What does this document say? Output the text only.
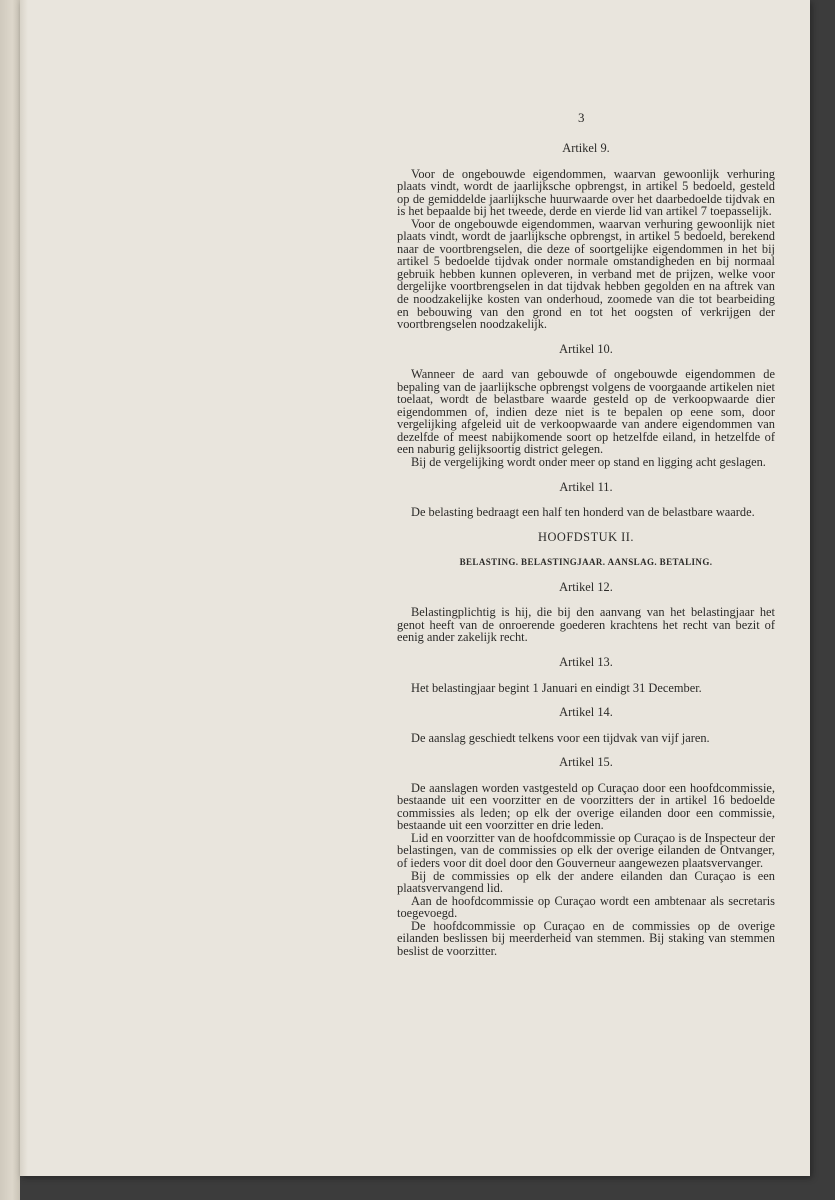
3
Artikel 9.

Voor de ongebouwde eigendommen, waarvan gewoonlijk verhuring plaats vindt, wordt de jaarlijksche opbrengst, in artikel 5 bedoeld, gesteld op de gemiddelde jaarlijksche huurwaarde over het daarbedoelde tijdvak en is het bepaalde bij het tweede, derde en vierde lid van artikel 7 toepasselijk.

Voor de ongebouwde eigendommen, waarvan verhuring gewoonlijk niet plaats vindt, wordt de jaarlijksche opbrengst, in artikel 5 bedoeld, berekend naar de voortbrengselen, die deze of soortgelijke eigendommen in het bij artikel 5 bedoelde tijdvak onder normale omstandigheden en bij normaal gebruik hebben kunnen opleveren, in verband met de prijzen, welke voor dergelijke voortbrengselen in dat tijdvak hebben gegolden en na aftrek van de noodzakelijke kosten van onderhoud, zoomede van die tot bearbeiding en bebouwing van den grond en tot het oogsten of verkrijgen der voortbrengselen noodzakelijk.

Artikel 10.

Wanneer de aard van gebouwde of ongebouwde eigendommen de bepaling van de jaarlijksche opbrengst volgens de voorgaande artikelen niet toelaat, wordt de belastbare waarde gesteld op de verkoopwaarde dier eigendommen of, indien deze niet is te bepalen op eene som, door vergelijking afgeleid uit de verkoopwaarde van andere eigendommen van dezelfde of meest nabijkomende soort op hetzelfde eiland, in hetzelfde of een naburig gelijksoortig district gelegen.

Bij de vergelijking wordt onder meer op stand en ligging acht geslagen.

Artikel 11.

De belasting bedraagt een half ten honderd van de belastbare waarde.

HOOFDSTUK II.
BELASTING. BELASTINGJAAR. AANSLAG. BETALING.
Artikel 12.

Belastingplichtig is hij, die bij den aanvang van het belastingjaar het genot heeft van de onroerende goederen krachtens het recht van bezit of eenig ander zakelijk recht.

Artikel 13.

Het belastingjaar begint 1 Januari en eindigt 31 December.

Artikel 14.

De aanslag geschiedt telkens voor een tijdvak van vijf jaren.

Artikel 15.

De aanslagen worden vastgesteld op Curaçao door een hoofdcommissie, bestaande uit een voorzitter en de voorzitters der in artikel 16 bedoelde commissies als leden; op elk der overige eilanden door een commissie, bestaande uit een voorzitter en drie leden.

Lid en voorzitter van de hoofdcommissie op Curaçao is de Inspecteur der belastingen, van de commissies op elk der overige eilanden de Ontvanger, of ieders voor dit doel door den Gouverneur aangewezen plaatsvervanger.

Bij de commissies op elk der andere eilanden dan Curaçao is een plaatsvervangend lid.

Aan de hoofdcommissie op Curaçao wordt een ambtenaar als secretaris toegevoegd.

De hoofdcommissie op Curaçao en de commissies op de overige eilanden beslissen bij meerderheid van stemmen. Bij staking van stemmen beslist de voorzitter.
